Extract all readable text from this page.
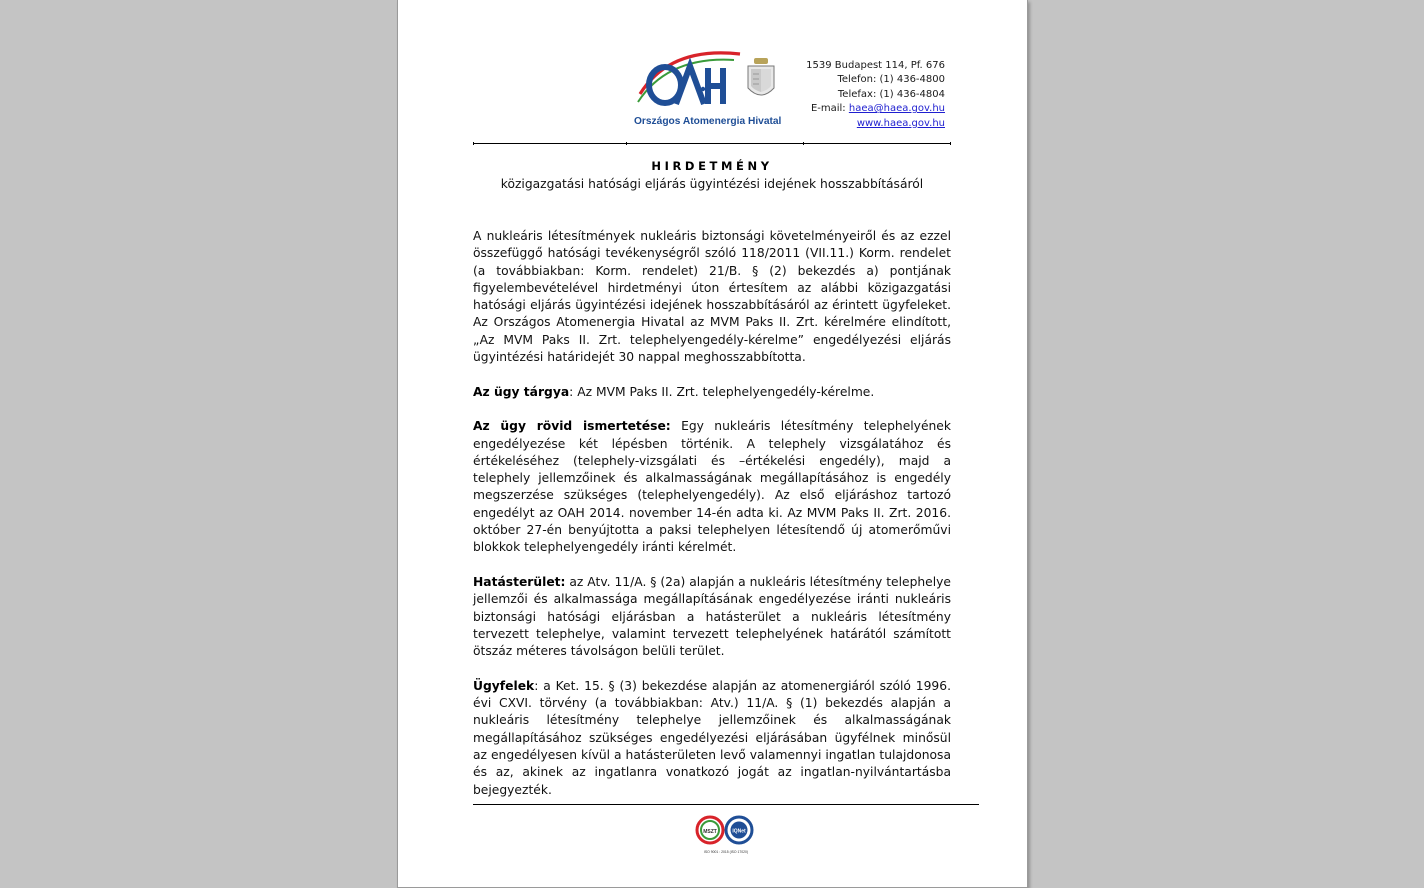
Országos Atomenergia Hivatal
1539 Budapest 114, Pf. 676
Telefon: (1) 436-4800
Telefax: (1) 436-4804
E-mail: haea@haea.gov.hu
www.haea.gov.hu
HIRDETMÉNY
közigazgatási hatósági eljárás ügyintézési idejének hosszabbításáról

A nukleáris létesítmények nukleáris biztonsági követelményeiről és az ezzel összefüggő hatósági tevékenységről szóló 118/2011 (VII.11.) Korm. rendelet (a továbbiakban: Korm. rendelet) 21/B. § (2) bekezdés a) pontjának figyelembevételével hirdetményi úton értesítem az alábbi közigazgatási hatósági eljárás ügyintézési idejének hosszabbításáról az érintett ügyfeleket. Az Országos Atomenergia Hivatal az MVM Paks II. Zrt. kérelmére elindított, „Az MVM Paks II. Zrt. telephelyengedély-kérelme” engedélyezési eljárás ügyintézési határidejét 30 nappal meghosszabbította.

Az ügy tárgya: Az MVM Paks II. Zrt. telephelyengedély-kérelme.

Az ügy rövid ismertetése: Egy nukleáris létesítmény telephelyének engedélyezése két lépésben történik. A telephely vizsgálatához és értékeléséhez (telephely-vizsgálati és –értékelési engedély), majd a telephely jellemzőinek és alkalmasságának megállapításához is engedély megszerzése szükséges (telephelyengedély). Az első eljáráshoz tartozó engedélyt az OAH 2014. november 14-én adta ki. Az MVM Paks II. Zrt. 2016. október 27-én benyújtotta a paksi telephelyen létesítendő új atomerőművi blokkok telephelyengedély iránti kérelmét.

Hatásterület: az Atv. 11/A. § (2a) alapján a nukleáris létesítmény telephelye jellemzői és alkalmassága megállapításának engedélyezése iránti nukleáris biztonsági hatósági eljárásban a hatásterület a nukleáris létesítmény tervezett telephelye, valamint tervezett telephelyének határától számított ötszáz méteres távolságon belüli terület.

Ügyfelek: a Ket. 15. § (3) bekezdése alapján az atomenergiáról szóló 1996. évi CXVI. törvény (a továbbiakban: Atv.) 11/A. § (1) bekezdés alapján a nukleáris létesítmény telephelye jellemzőinek és alkalmasságának megállapításához szükséges engedélyezési eljárásában ügyfélnek minősül az engedélyesen kívül a hatásterületen levő valamennyi ingatlan tulajdonosa és az, akinek az ingatlanra vonatkozó jogát az ingatlan-nyilvántartásba bejegyezték.

MSZT	IQNet
ISO 9001 : 2015 (ISO 17020)
